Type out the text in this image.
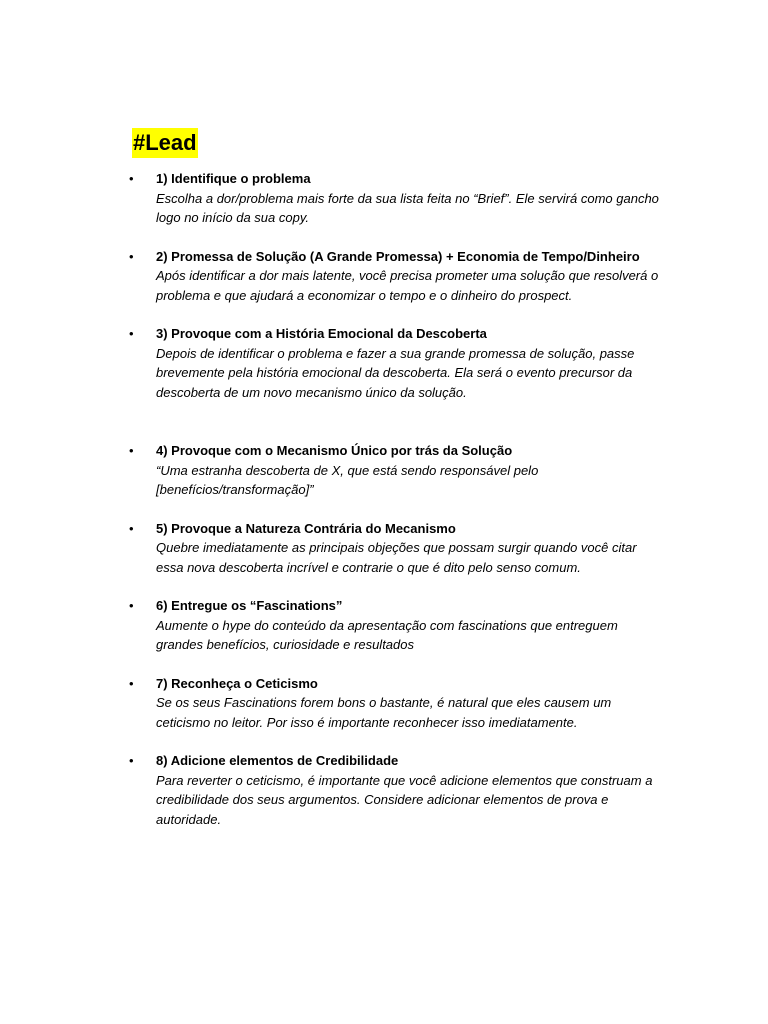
#Lead
• 1) Identifique o problema
Escolha a dor/problema mais forte da sua lista feita no “Brief”. Ele servirá como gancho logo no início da sua copy.
• 2) Promessa de Solução (A Grande Promessa) + Economia de Tempo/Dinheiro
Após identificar a dor mais latente, você precisa prometer uma solução que resolverá o problema e que ajudará a economizar o tempo e o dinheiro do prospect.
• 3) Provoque com a História Emocional da Descoberta
Depois de identificar o problema e fazer a sua grande promessa de solução, passe brevemente pela história emocional da descoberta. Ela será o evento precursor da descoberta de um novo mecanismo único da solução.
• 4) Provoque com o Mecanismo Único por trás da Solução
“Uma estranha descoberta de X, que está sendo responsável pelo [benefícios/transformação]”
• 5) Provoque a Natureza Contrária do Mecanismo
Quebre imediatamente as principais objeções que possam surgir quando você citar essa nova descoberta incrível e contrarie o que é dito pelo senso comum.
• 6) Entregue os “Fascinations”
Aumente o hype do conteúdo da apresentação com fascinations que entreguem grandes benefícios, curiosidade e resultados
• 7) Reconheça o Ceticismo
Se os seus Fascinations forem bons o bastante, é natural que eles causem um ceticismo no leitor. Por isso é importante reconhecer isso imediatamente.
• 8) Adicione elementos de Credibilidade
Para reverter o ceticismo, é importante que você adicione elementos que construam a credibilidade dos seus argumentos. Considere adicionar elementos de prova e autoridade.
